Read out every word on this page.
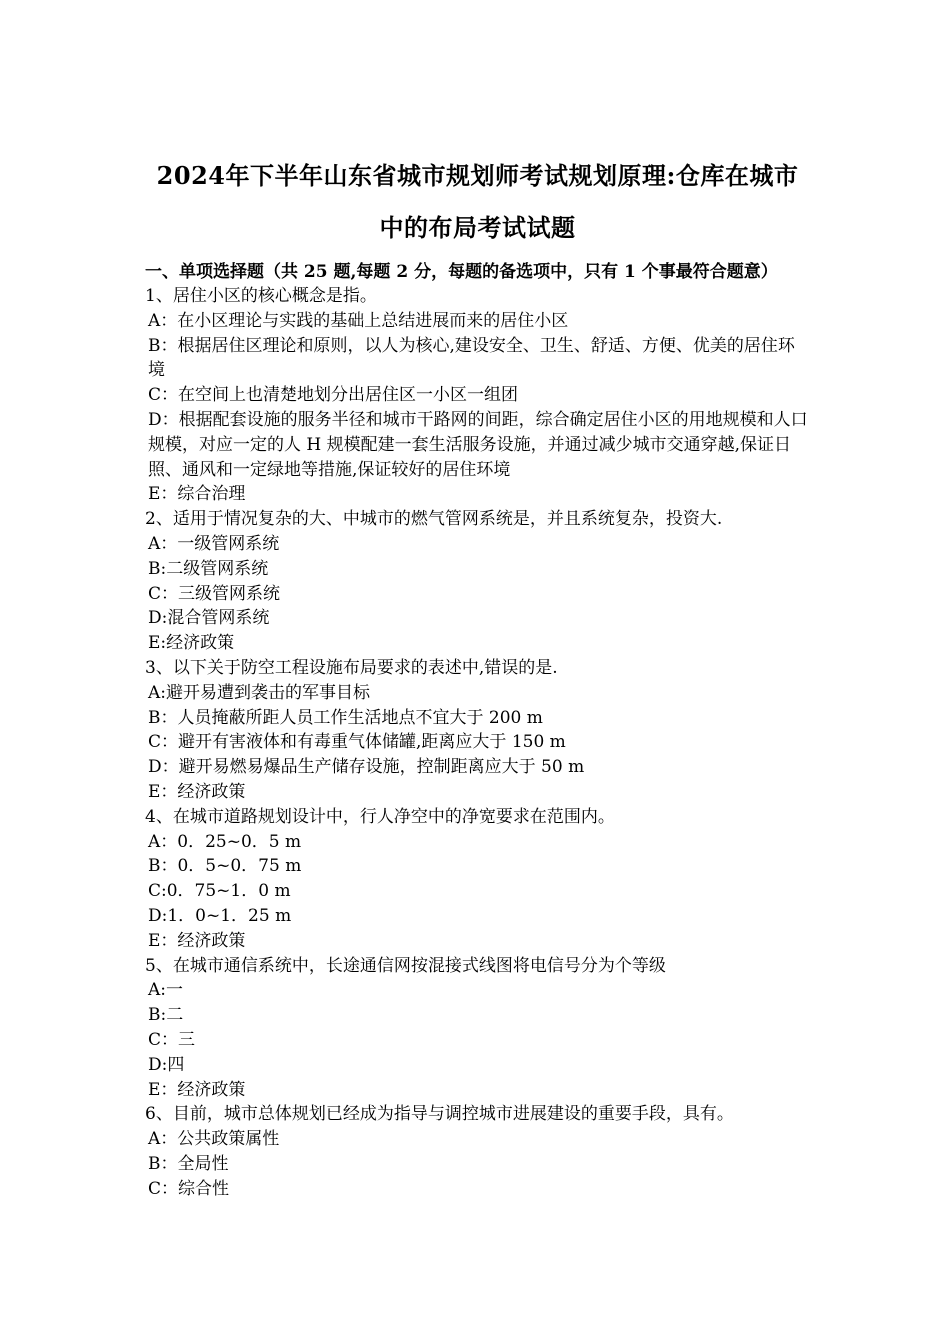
2024年下半年山东省城市规划师考试规划原理:仓库在城市
中的布局考试试题

一、单项选择题（共 25 题,每题 2 分，每题的备选项中，只有 1 个事最符合题意）

1、居住小区的核心概念是指。

A：在小区理论与实践的基础上总结进展而来的居住小区

B：根据居住区理论和原则，以人为核心,建设安全、卫生、舒适、方便、优美的居住环境

C：在空间上也清楚地划分出居住区一小区一组团

D：根据配套设施的服务半径和城市干路网的间距，综合确定居住小区的用地规模和人口规模，对应一定的人 H 规模配建一套生活服务设施，并通过减少城市交通穿越,保证日照、通风和一定绿地等措施,保证较好的居住环境

E：综合治理

2、适用于情况复杂的大、中城市的燃气管网系统是，并且系统复杂，投资大.

A：一级管网系统

B:二级管网系统

C：三级管网系统

D:混合管网系统

E:经济政策

3、以下关于防空工程设施布局要求的表述中,错误的是.

A:避开易遭到袭击的军事目标

B：人员掩蔽所距人员工作生活地点不宜大于 200 m

C：避开有害液体和有毒重气体储罐,距离应大于 150 m

D：避开易燃易爆品生产储存设施，控制距离应大于 50 m

E：经济政策

4、在城市道路规划设计中，行人净空中的净宽要求在范围内。

A：0．25~0．5 m

B：0．5~0．75 m

C:0．75~1．0 m

D:1．0~1．25 m

E：经济政策

5、在城市通信系统中，长途通信网按混接式线图将电信号分为个等级

A:一

B:二

C：三

D:四

E：经济政策

6、目前，城市总体规划已经成为指导与调控城市进展建设的重要手段，具有。

A：公共政策属性

B：全局性

C：综合性
